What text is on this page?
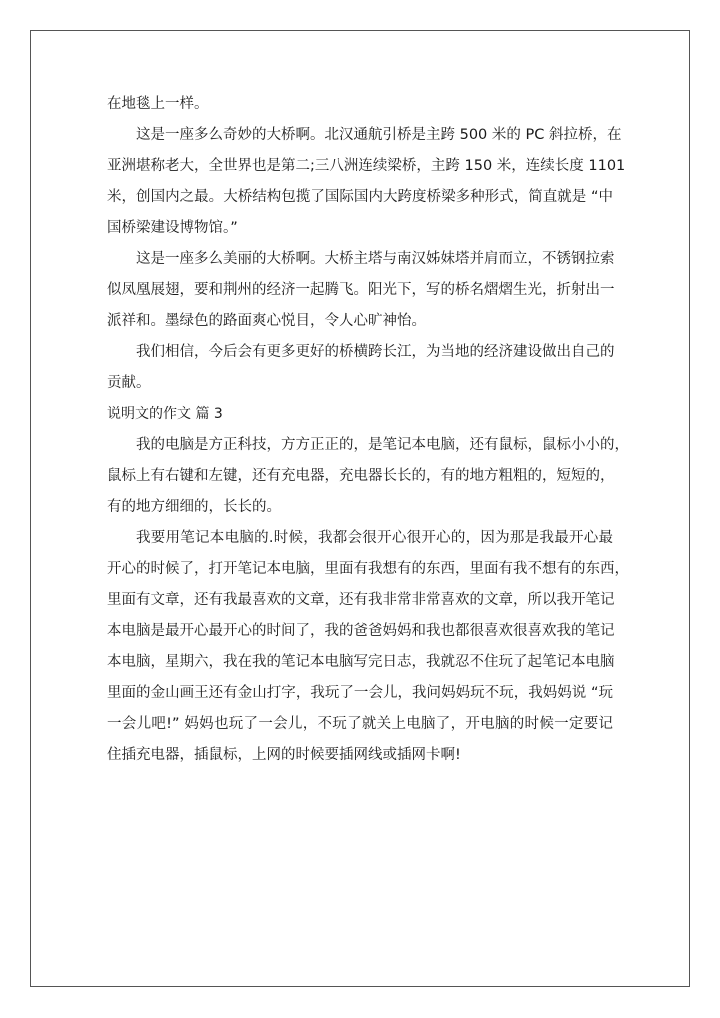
在地毯上一样。
这是一座多么奇妙的大桥啊。北汉通航引桥是主跨 500 米的 PC 斜拉桥，在
亚洲堪称老大，全世界也是第二;三八洲连续梁桥，主跨 150 米，连续长度 1101
米，创国内之最。大桥结构包揽了国际国内大跨度桥梁多种形式，简直就是 “中
国桥梁建设博物馆。”
这是一座多么美丽的大桥啊。大桥主塔与南汉姊妹塔并肩而立，不锈钢拉索
似凤凰展翅，要和荆州的经济一起腾飞。阳光下，写的桥名熠熠生光，折射出一
派祥和。墨绿色的路面爽心悦目，令人心旷神怡。
我们相信，今后会有更多更好的桥横跨长江，为当地的经济建设做出自己的
贡献。
说明文的作文 篇 3
我的电脑是方正科技，方方正正的，是笔记本电脑，还有鼠标，鼠标小小的，
鼠标上有右键和左键，还有充电器，充电器长长的，有的地方粗粗的，短短的，
有的地方细细的，长长的。
我要用笔记本电脑的.时候，我都会很开心很开心的，因为那是我最开心最
开心的时候了，打开笔记本电脑，里面有我想有的东西，里面有我不想有的东西，
里面有文章，还有我最喜欢的文章，还有我非常非常喜欢的文章，所以我开笔记
本电脑是最开心最开心的时间了，我的爸爸妈妈和我也都很喜欢很喜欢我的笔记
本电脑，星期六，我在我的笔记本电脑写完日志，我就忍不住玩了起笔记本电脑
里面的金山画王还有金山打字，我玩了一会儿，我问妈妈玩不玩，我妈妈说 “玩
一会儿吧!” 妈妈也玩了一会儿，不玩了就关上电脑了，开电脑的时候一定要记
住插充电器，插鼠标，上网的时候要插网线或插网卡啊!
